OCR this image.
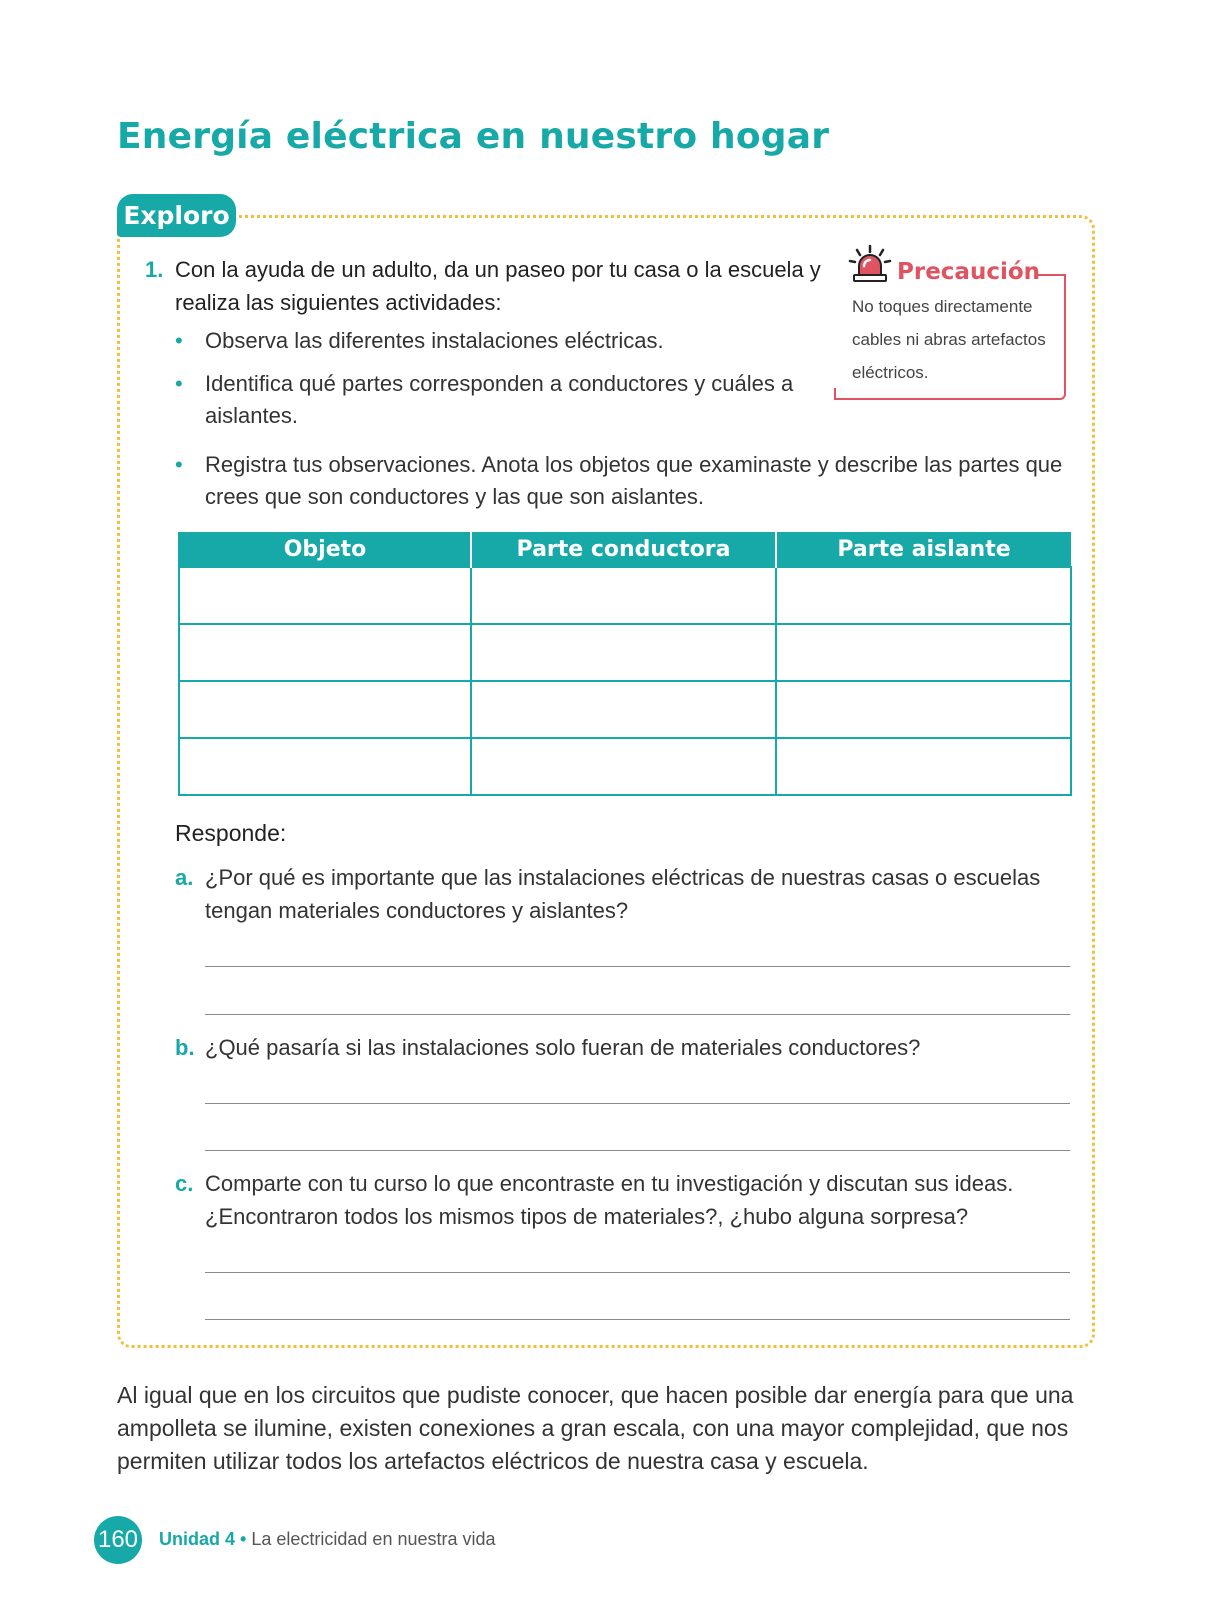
Energía eléctrica en nuestro hogar
Exploro
1. Con la ayuda de un adulto, da un paseo por tu casa o la escuela y realiza las siguientes actividades:
• Observa las diferentes instalaciones eléctricas.
• Identifica qué partes corresponden a conductores y cuáles a aislantes.
• Registra tus observaciones. Anota los objetos que examinaste y describe las partes que crees que son conductores y las que son aislantes.
Precaución
No toques directamente cables ni abras artefactos eléctricos.
Objeto	Parte conductora	Parte aislante

Responde:
a. ¿Por qué es importante que las instalaciones eléctricas de nuestras casas o escuelas tengan materiales conductores y aislantes?
b. ¿Qué pasaría si las instalaciones solo fueran de materiales conductores?
c. Comparte con tu curso lo que encontraste en tu investigación y discutan sus ideas. ¿Encontraron todos los mismos tipos de materiales?, ¿hubo alguna sorpresa?

Al igual que en los circuitos que pudiste conocer, que hacen posible dar energía para que una ampolleta se ilumine, existen conexiones a gran escala, con una mayor complejidad, que nos permiten utilizar todos los artefactos eléctricos de nuestra casa y escuela.

160 Unidad 4 • La electricidad en nuestra vida
